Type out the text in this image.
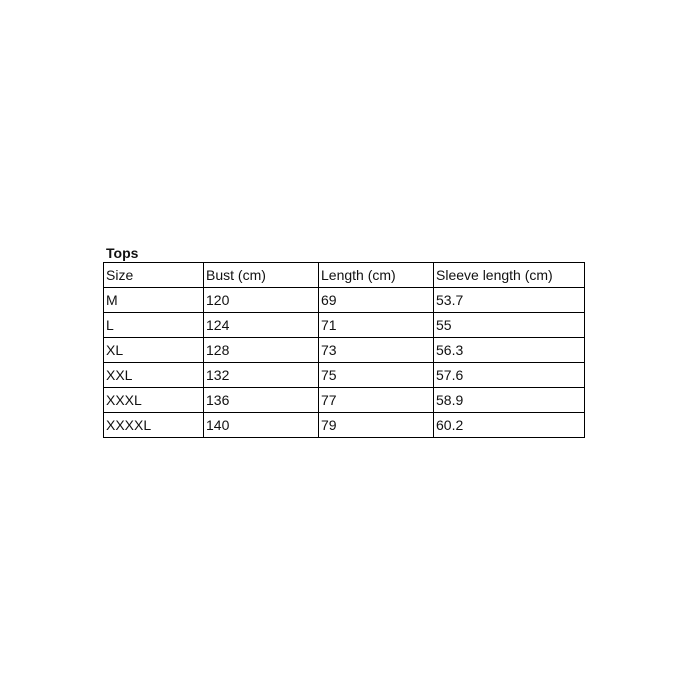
Tops
Size	Bust (cm)	Length (cm)	Sleeve length (cm)
M	120	69	53.7
L	124	71	55
XL	128	73	56.3
XXL	132	75	57.6
XXXL	136	77	58.9
XXXXL	140	79	60.2
